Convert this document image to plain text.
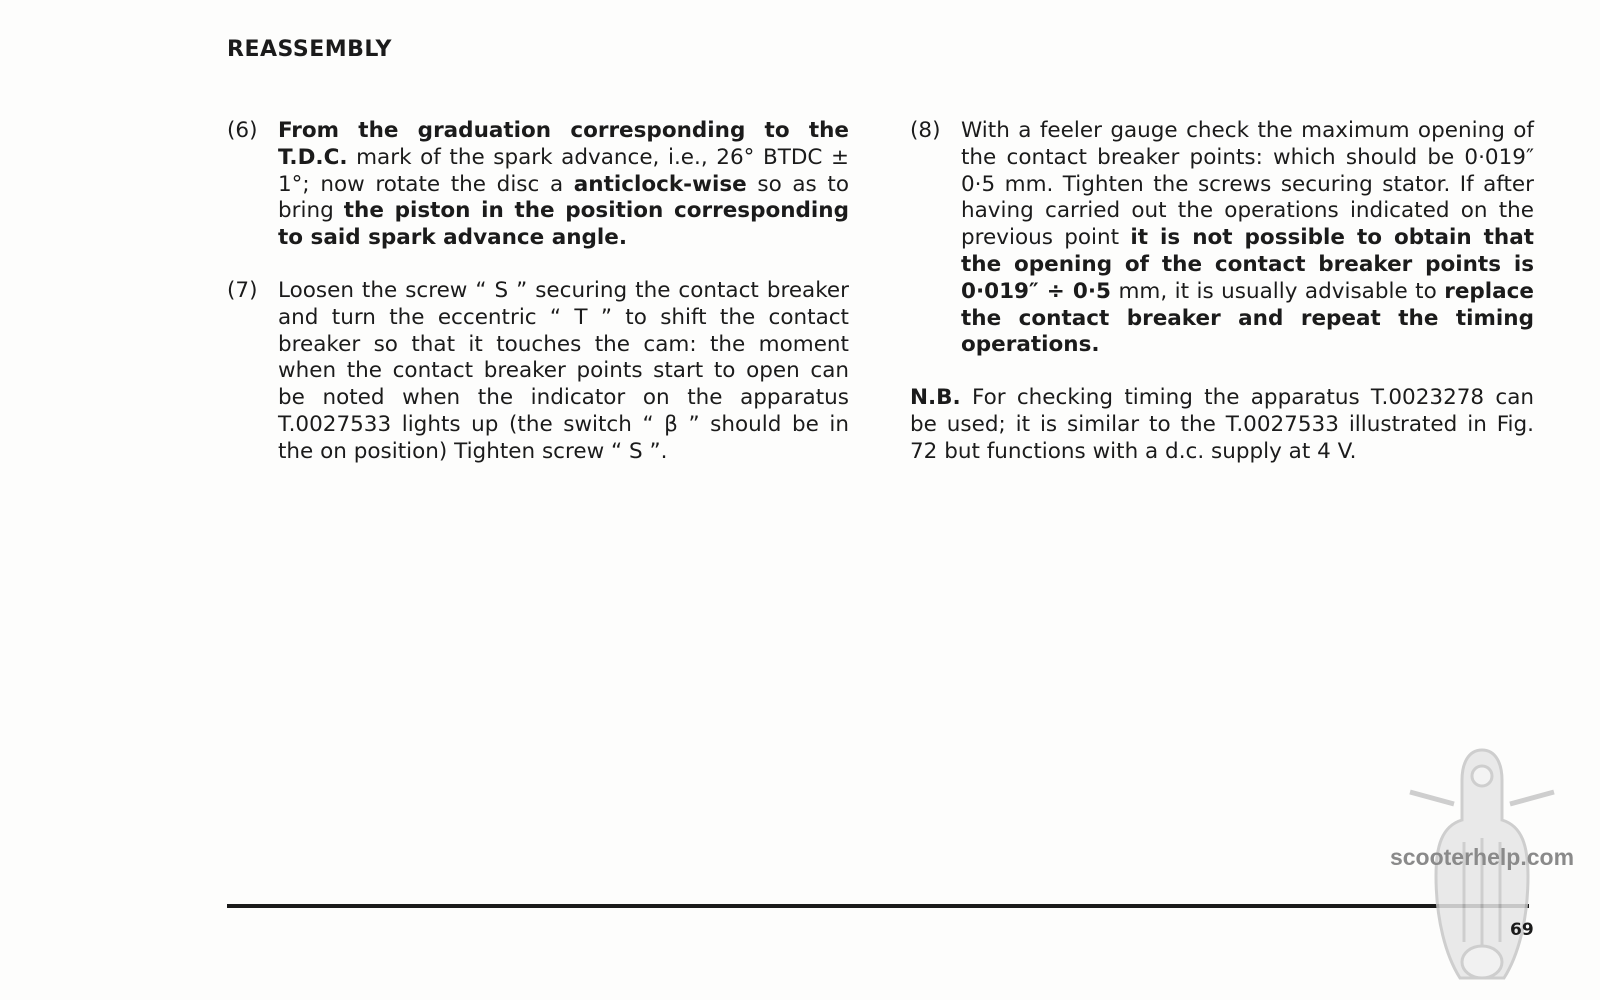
REASSEMBLY
(6) From the graduation corresponding to the T.D.C. mark of the spark advance, i.e., 26° BTDC ± 1°; now rotate the disc a anticlock-wise so as to bring the piston in the position corresponding to said spark advance angle.

(7) Loosen the screw “ S ” securing the contact breaker and turn the eccentric “ T ” to shift the contact breaker so that it touches the cam: the moment when the contact breaker points start to open can be noted when the indicator on the apparatus T.0027533 lights up (the switch “ β ” should be in the on position) Tighten screw “ S ”.

(8) With a feeler gauge check the maximum opening of the contact breaker points: which should be 0·019″ 0·5 mm. Tighten the screws securing stator. If after having carried out the operations indicated on the previous point it is not possible to obtain that the opening of the contact breaker points is 0·019″ ÷ 0·5 mm, it is usually advisable to replace the contact breaker and repeat the timing operations.

N.B. For checking timing the apparatus T.0023278 can be used; it is similar to the T.0027533 illustrated in Fig. 72 but functions with a d.c. supply at 4 V.

scooterhelp.com
69
